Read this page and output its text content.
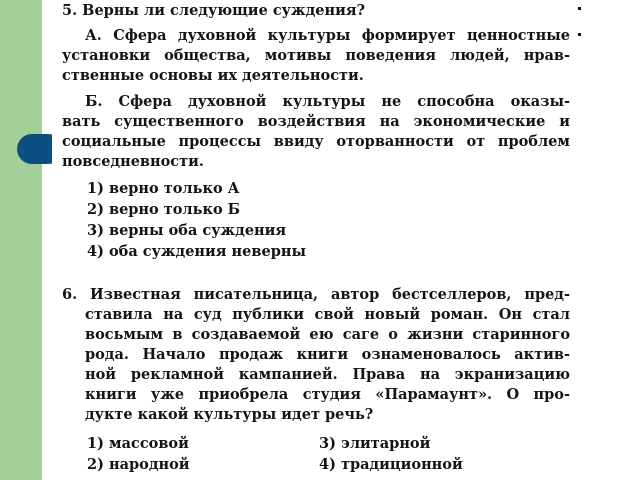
5. Верны ли следующие суждения?

А. Сфера духовной культуры формирует ценностные

установки общества, мотивы поведения людей, нрав-

ственные основы их деятельности.

Б. Сфера духовной культуры не способна оказы-

вать существенного воздействия на экономические и

социальные процессы ввиду оторванности от проблем

повседневности.

1) верно только А

2) верно только Б

3) верны оба суждения

4) оба суждения неверны

6. Известная писательница, автор бестселлеров, пред-

ставила на суд публики свой новый роман. Он стал

восьмым в создаваемой ею саге о жизни старинного

рода. Начало продаж книги ознаменовалось актив-

ной рекламной кампанией. Права на экранизацию

книги уже приобрела студия «Парамаунт». О про-

дукте какой культуры идет речь?

1) массовой	3) элитарной

2) народной	4) традиционной
